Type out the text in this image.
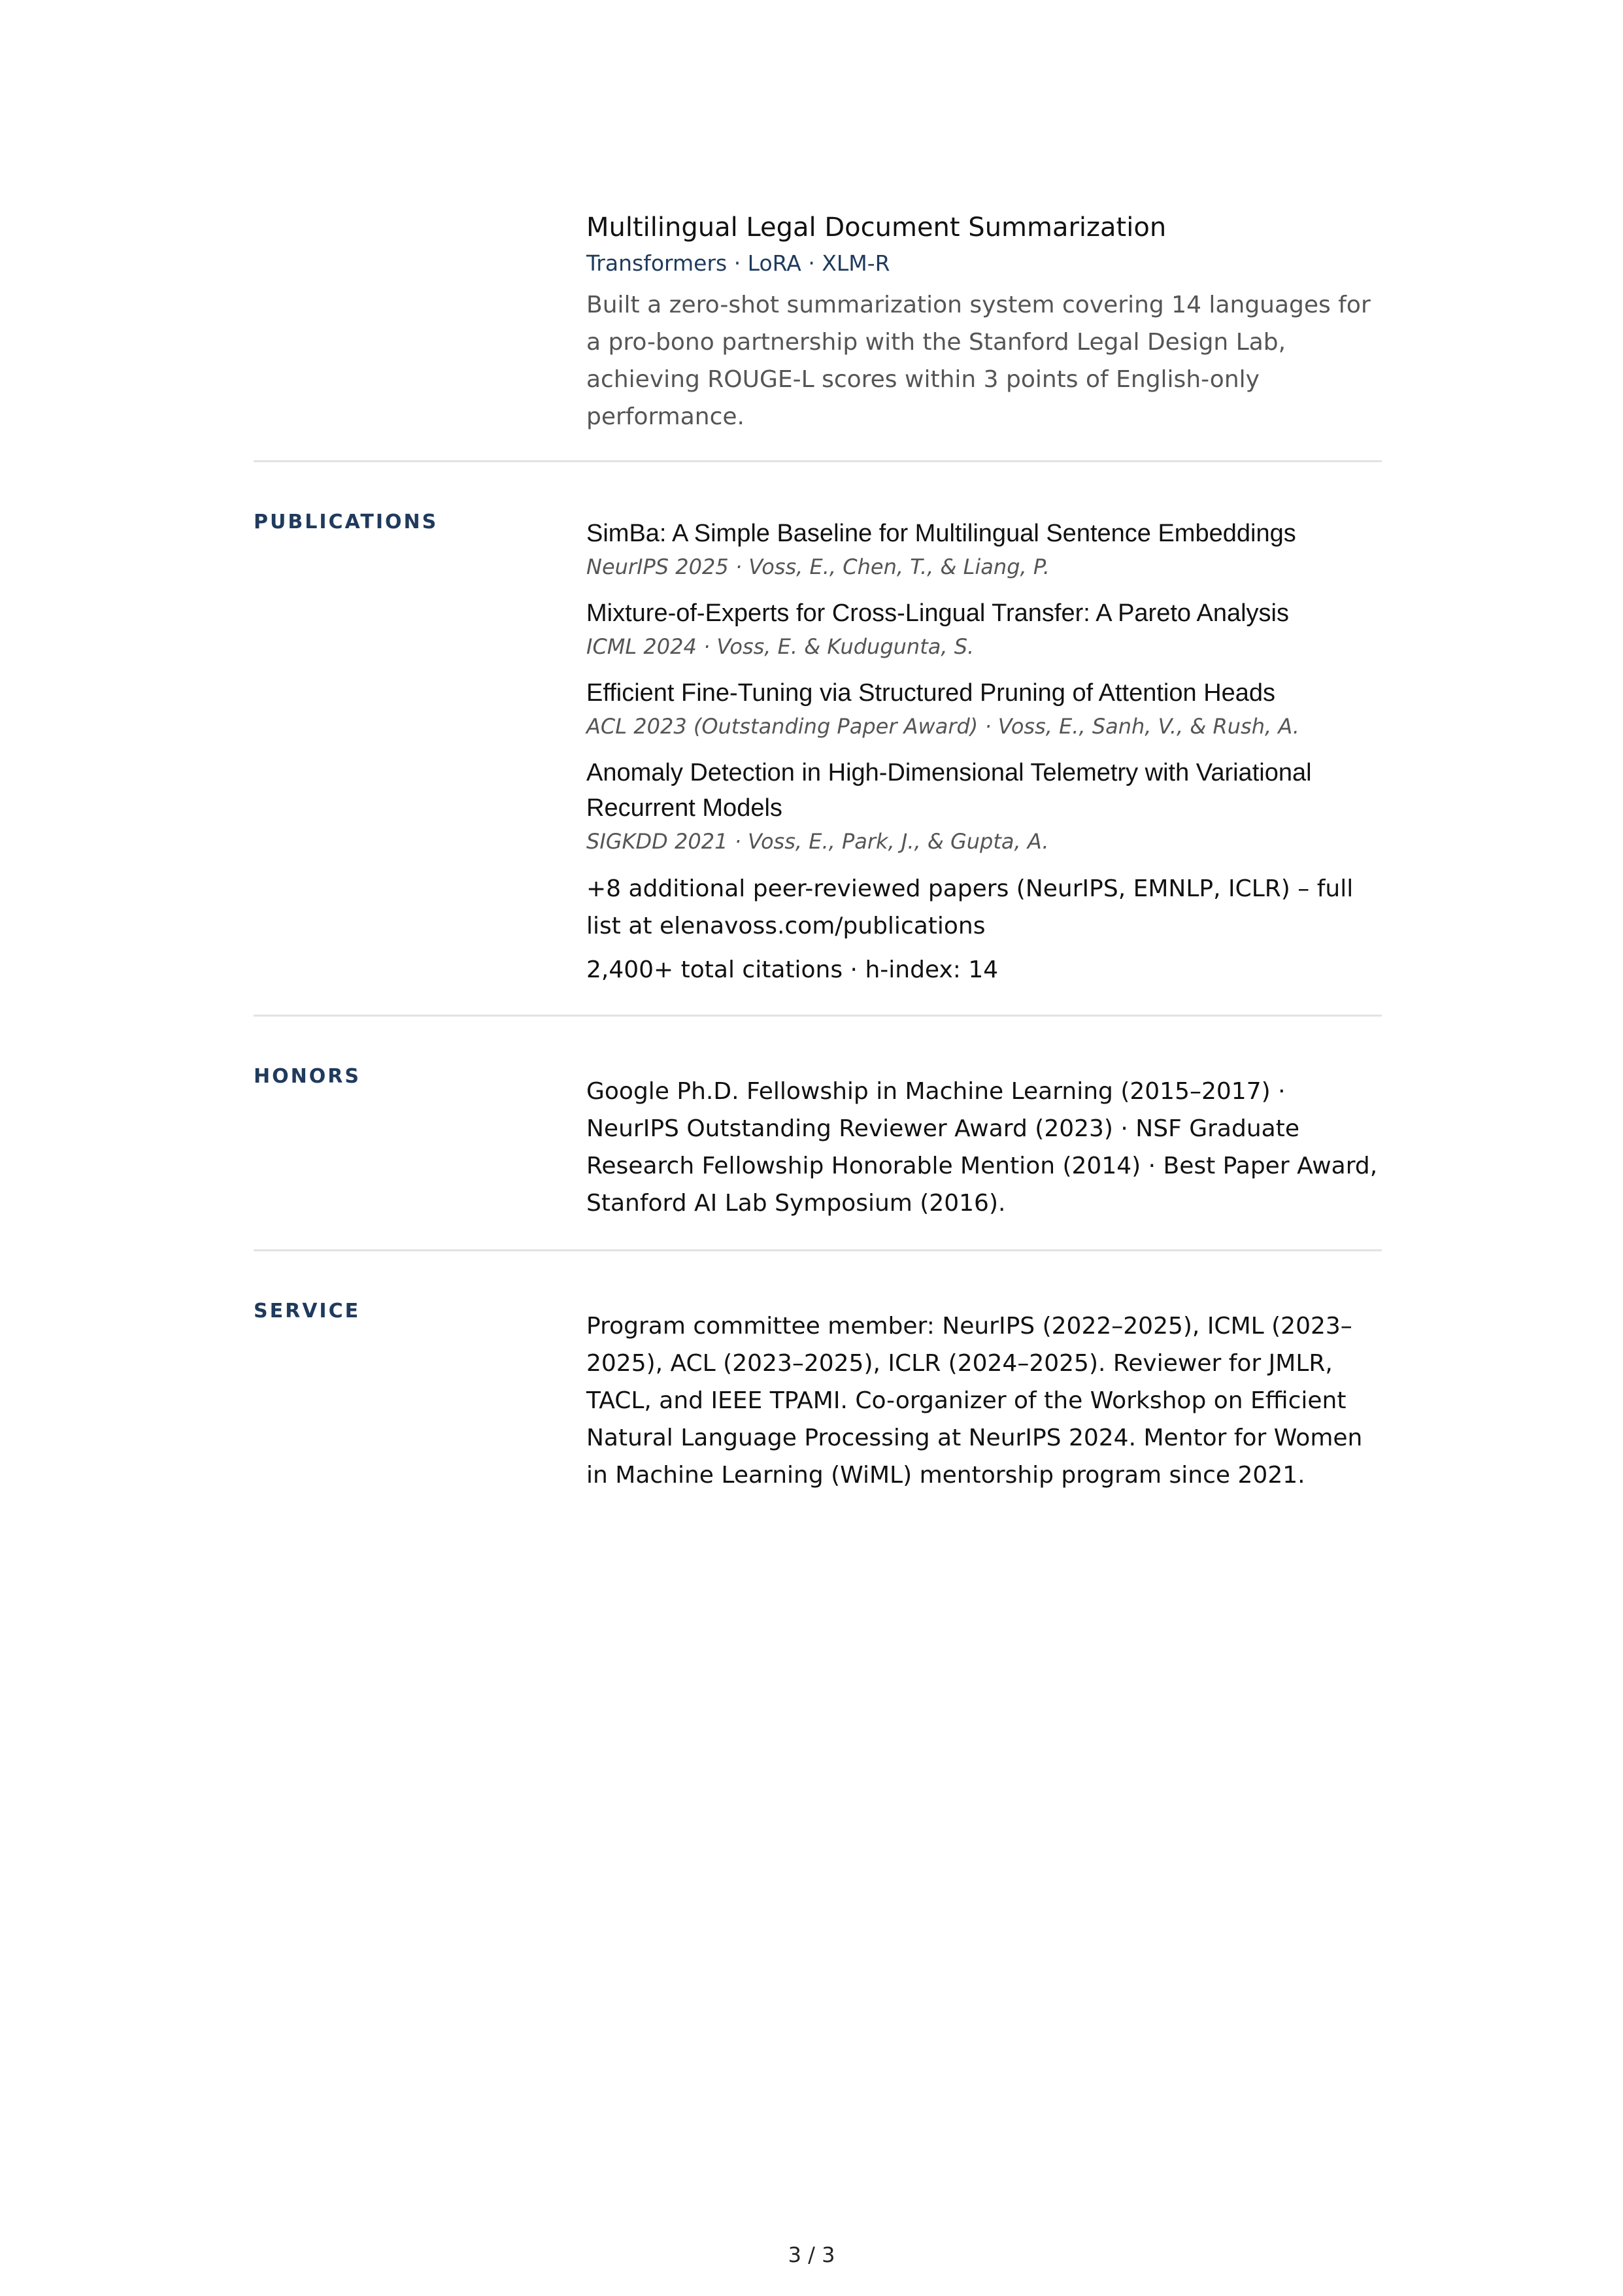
Multilingual Legal Document Summarization
Transformers · LoRA · XLM-R
Built a zero-shot summarization system covering 14 languages for a pro-bono partnership with the Stanford Legal Design Lab, achieving ROUGE-L scores within 3 points of English-only performance.
PUBLICATIONS	SimBa: A Simple Baseline for Multilingual Sentence Embeddings
NeurIPS 2025 · Voss, E., Chen, T., & Liang, P.
Mixture-of-Experts for Cross-Lingual Transfer: A Pareto Analysis
ICML 2024 · Voss, E. & Kudugunta, S.
Efficient Fine-Tuning via Structured Pruning of Attention Heads
ACL 2023 (Outstanding Paper Award) · Voss, E., Sanh, V., & Rush, A.
Anomaly Detection in High-Dimensional Telemetry with Variational Recurrent Models
SIGKDD 2021 · Voss, E., Park, J., & Gupta, A.
+8 additional peer-reviewed papers (NeurIPS, EMNLP, ICLR) – full list at elenavoss.com/publications
2,400+ total citations · h-index: 14
HONORS
Google Ph.D. Fellowship in Machine Learning (2015–2017) · NeurIPS Outstanding Reviewer Award (2023) · NSF Graduate Research Fellowship Honorable Mention (2014) · Best Paper Award, Stanford AI Lab Symposium (2016).
SERVICE
Program committee member: NeurIPS (2022–2025), ICML (2023–2025), ACL (2023–2025), ICLR (2024–2025). Reviewer for JMLR, TACL, and IEEE TPAMI. Co-organizer of the Workshop on Efficient Natural Language Processing at NeurIPS 2024. Mentor for Women in Machine Learning (WiML) mentorship program since 2021.
3 / 3
